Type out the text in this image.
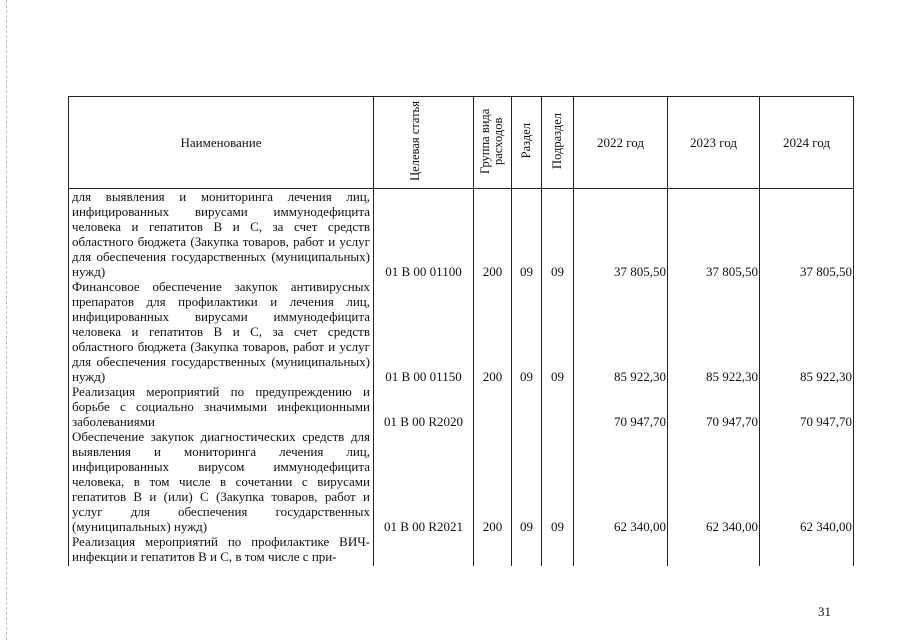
Наименование	Целевая статья	Группа вида расходов	Раздел	Подраздел	2022 год	2023 год	2024 год
для выявления и мониторинга лечения лиц, инфицированных вирусами иммунодефицита человека и гепатитов B и C, за счет средств областного бюджета (Закупка товаров, работ и услуг для обеспечения государственных (муниципальных) нужд)	01 В 00 01100	200	09	09	37 805,50	37 805,50	37 805,50
Финансовое обеспечение закупок антивирусных препаратов для профилактики и лечения лиц, инфицированных вирусами иммунодефицита человека и гепатитов B и C, за счет средств областного бюджета (Закупка товаров, работ и услуг для обеспечения государственных (муниципальных) нужд)	01 В 00 01150	200	09	09	85 922,30	85 922,30	85 922,30
Реализация мероприятий по предупреждению и борьбе с социально значимыми инфекционными заболеваниями	01 В 00 R2020				70 947,70	70 947,70	70 947,70
Обеспечение закупок диагностических средств для выявления и мониторинга лечения лиц, инфицированных вирусом иммунодефицита человека, в том числе в сочетании с вирусами гепатитов B и (или) C (Закупка товаров, работ и услуг для обеспечения государственных (муниципальных) нужд)	01 В 00 R2021	200	09	09	62 340,00	62 340,00	62 340,00
Реализация мероприятий по профилактике ВИЧ-инфекции и гепатитов B и C, в том числе с при-							
31
